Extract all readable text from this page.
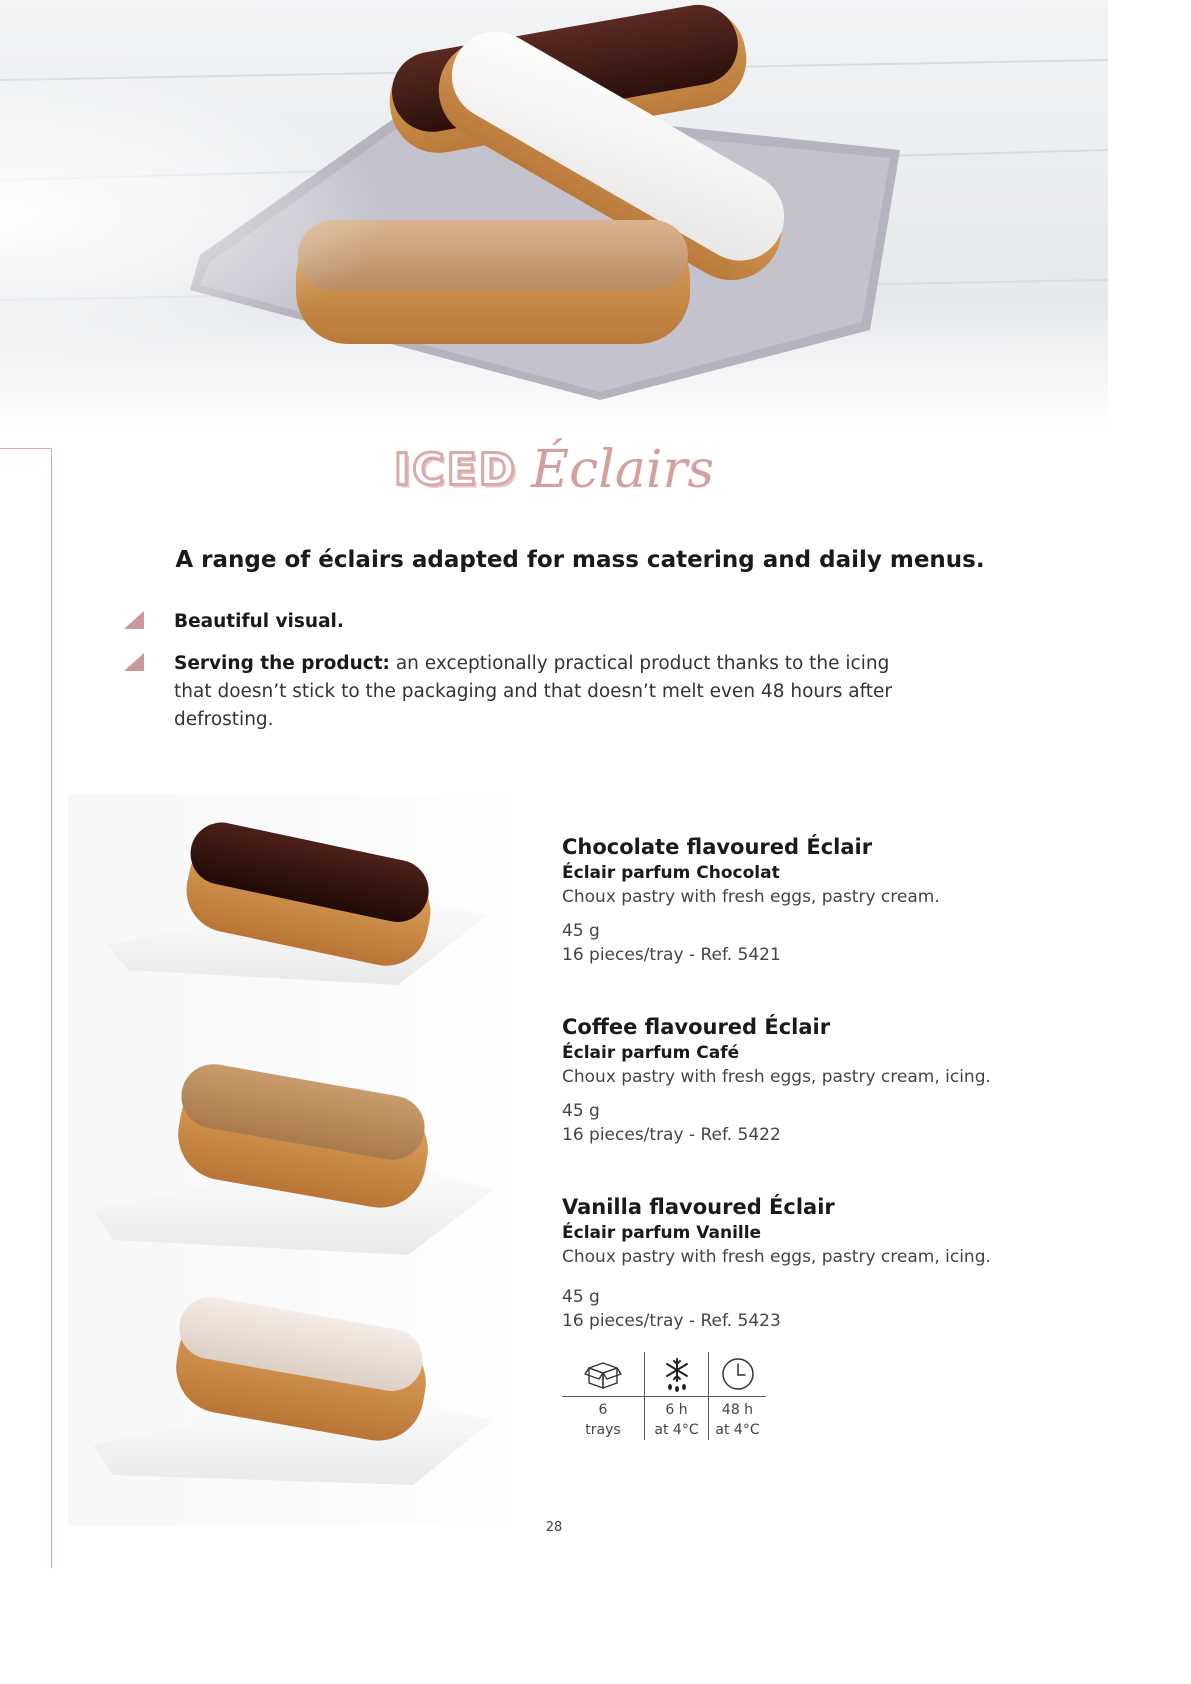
ICED Éclairs
A range of éclairs adapted for mass catering and daily menus.
Beautiful visual.
Serving the product: an exceptionally practical product thanks to the icing that doesn’t stick to the packaging and that doesn’t melt even 48 hours after defrosting.
Chocolate flavoured Éclair
Éclair parfum Chocolat
Choux pastry with fresh eggs, pastry cream.
45 g
16 pieces/tray - Ref. 5421
Coffee flavoured Éclair
Éclair parfum Café
Choux pastry with fresh eggs, pastry cream, icing.
45 g
16 pieces/tray - Ref. 5422
Vanilla flavoured Éclair
Éclair parfum Vanille
Choux pastry with fresh eggs, pastry cream, icing.
45 g
16 pieces/tray - Ref. 5423
6
trays
6 h
at 4°C
48 h
at 4°C
28
